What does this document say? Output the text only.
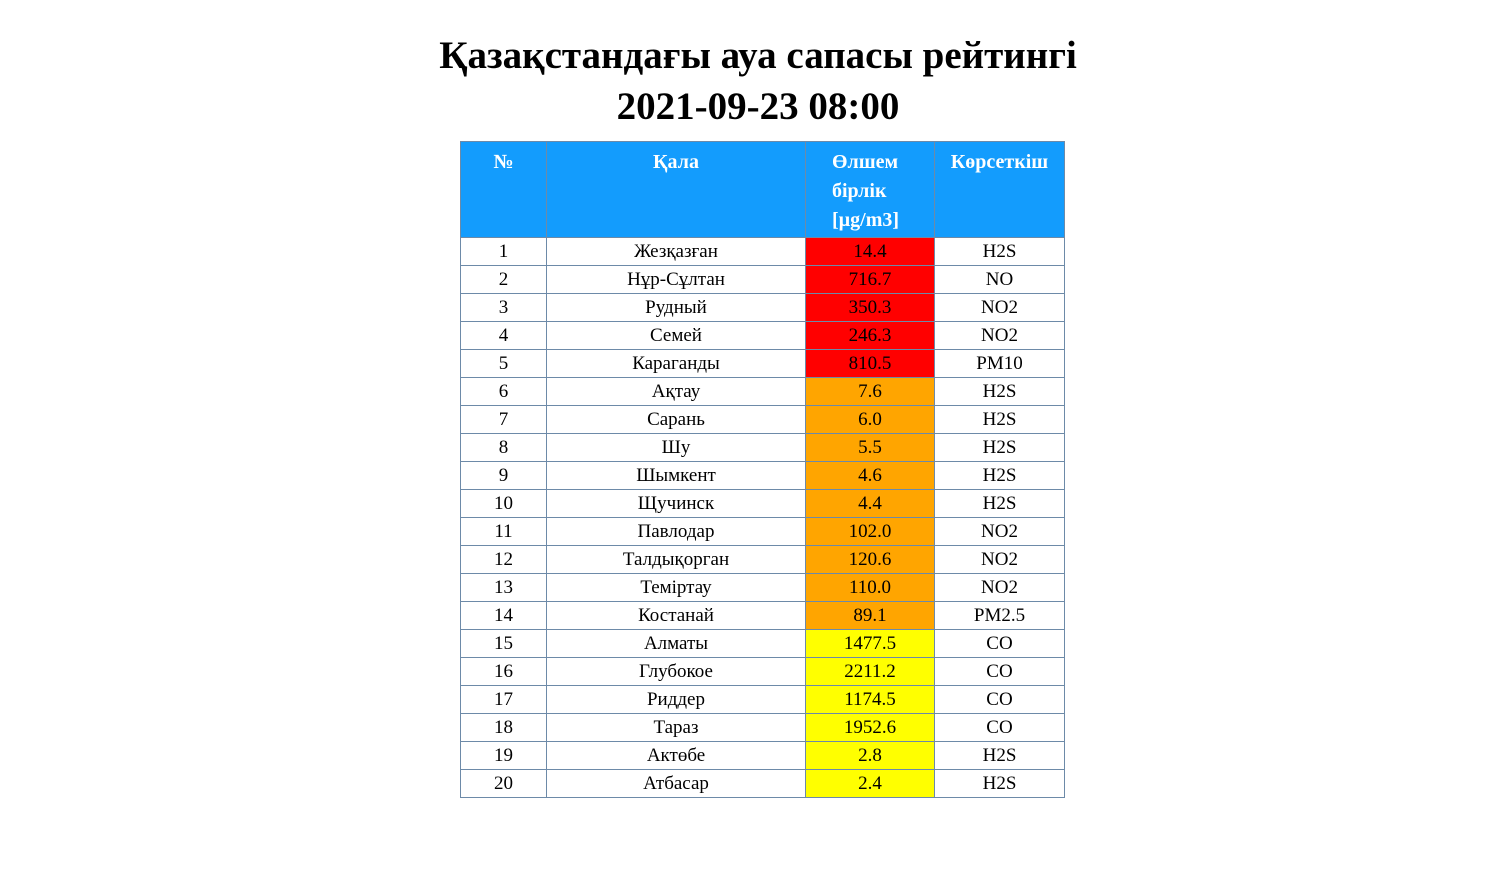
Қазақстандағы ауа сапасы рейтингі
2021-09-23 08:00
№	Қала	Өлшем бірлік [µg/m3]	Көрсеткіш
1	Жезқазған	14.4	H2S
2	Нұр-Сұлтан	716.7	NO
3	Рудный	350.3	NO2
4	Семей	246.3	NO2
5	Караганды	810.5	PM10
6	Ақтау	7.6	H2S
7	Сарань	6.0	H2S
8	Шу	5.5	H2S
9	Шымкент	4.6	H2S
10	Щучинск	4.4	H2S
11	Павлодар	102.0	NO2
12	Талдықорган	120.6	NO2
13	Теміртау	110.0	NO2
14	Костанай	89.1	PM2.5
15	Алматы	1477.5	CO
16	Глубокое	2211.2	CO
17	Риддер	1174.5	CO
18	Тараз	1952.6	CO
19	Актөбе	2.8	H2S
20	Атбасар	2.4	H2S
